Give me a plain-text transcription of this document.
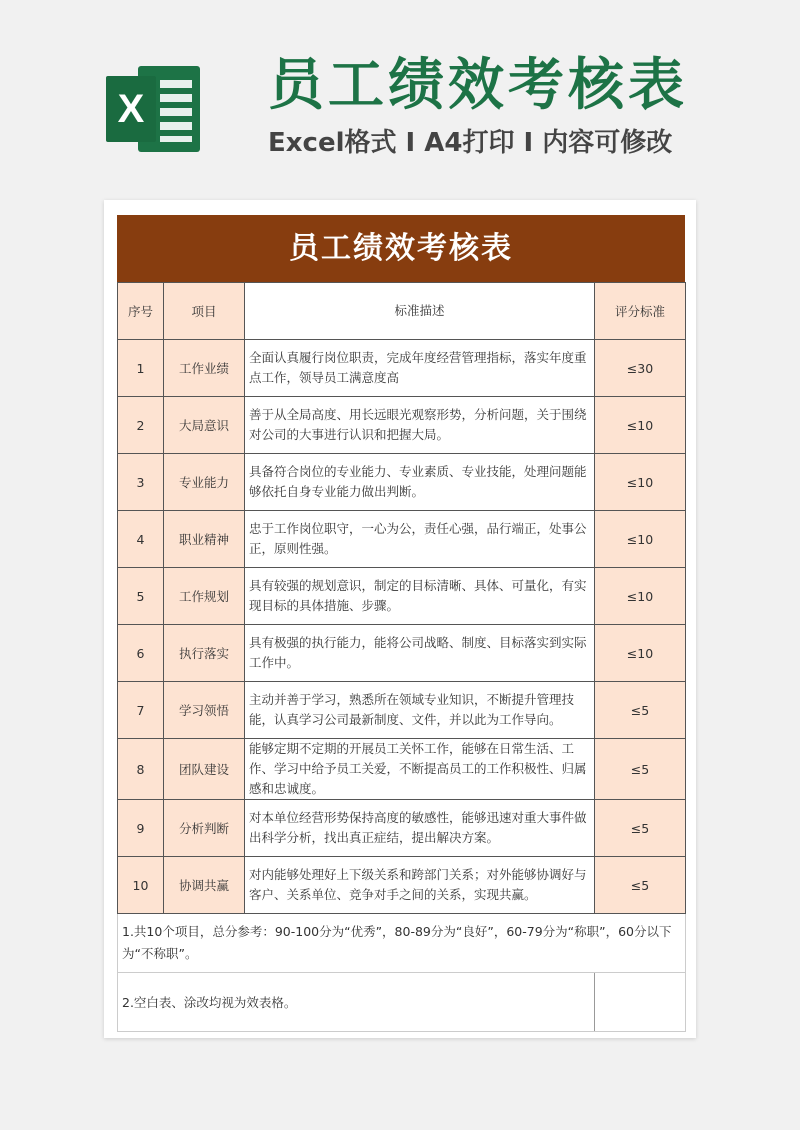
X 员工绩效考核表
Excel格式 I A4打印 I 内容可修改
员工绩效考核表
序号	项目	标准描述	评分标准
1	工作业绩	全面认真履行岗位职责，完成年度经营管理指标，落实年度重点工作，领导员工满意度高	≤30
2	大局意识	善于从全局高度、用长远眼光观察形势，分析问题，关于围绕对公司的大事进行认识和把握大局。	≤10
3	专业能力	具备符合岗位的专业能力、专业素质、专业技能，处理问题能够依托自身专业能力做出判断。	≤10
4	职业精神	忠于工作岗位职守，一心为公，责任心强，品行端正，处事公正，原则性强。	≤10
5	工作规划	具有较强的规划意识，制定的目标清晰、具体、可量化，有实现目标的具体措施、步骤。	≤10
6	执行落实	具有极强的执行能力，能将公司战略、制度、目标落实到实际工作中。	≤10
7	学习领悟	主动并善于学习，熟悉所在领域专业知识，不断提升管理技能，认真学习公司最新制度、文件，并以此为工作导向。	≤5
8	团队建设	能够定期不定期的开展员工关怀工作，能够在日常生活、工作、学习中给予员工关爱，不断提高员工的工作积极性、归属感和忠诚度。	≤5
9	分析判断	对本单位经营形势保持高度的敏感性，能够迅速对重大事件做出科学分析，找出真正症结，提出解决方案。	≤5
10	协调共赢	对内能够处理好上下级关系和跨部门关系；对外能够协调好与客户、关系单位、竞争对手之间的关系，实现共赢。	≤5
1.共10个项目，总分参考：90-100分为“优秀”，80-89分为“良好”，60-79分为“称职”，60分以下为“不称职”。			
2.空白表、涂改均视为效表格。			
